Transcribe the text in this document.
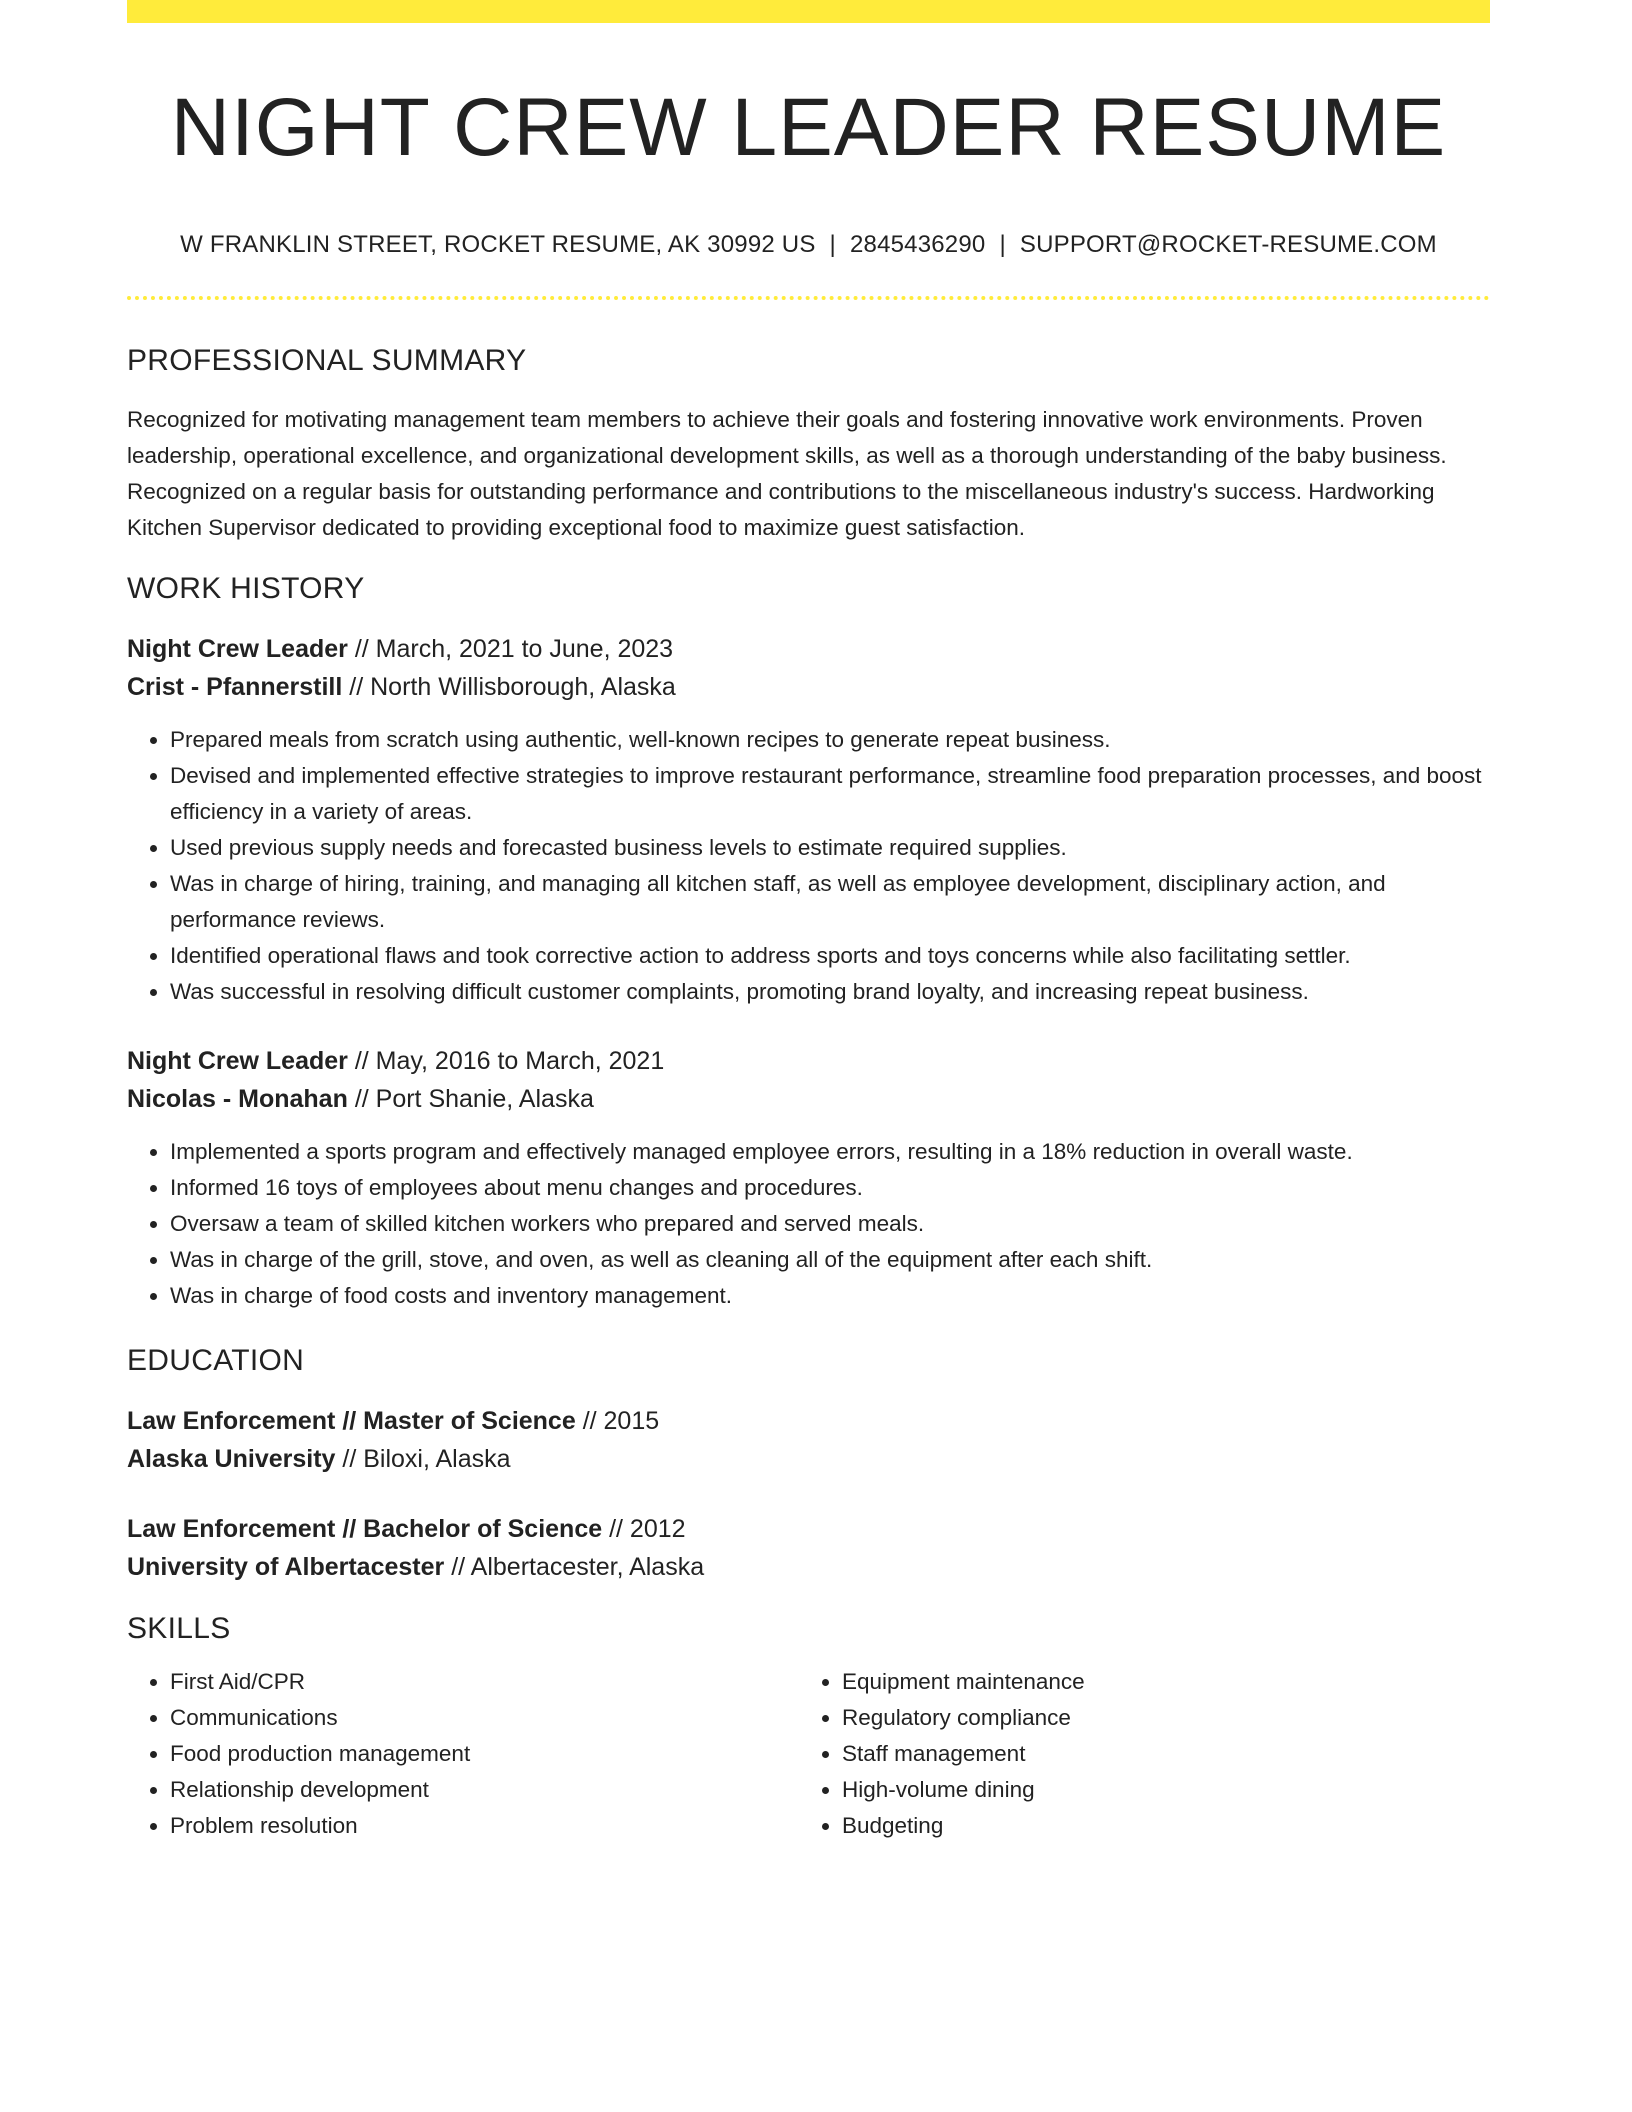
NIGHT CREW LEADER RESUME
W FRANKLIN STREET, ROCKET RESUME, AK 30992 US | 2845436290 | SUPPORT@ROCKET-RESUME.COM
PROFESSIONAL SUMMARY

Recognized for motivating management team members to achieve their goals and fostering innovative work environments. Proven leadership, operational excellence, and organizational development skills, as well as a thorough understanding of the baby business. Recognized on a regular basis for outstanding performance and contributions to the miscellaneous industry's success. Hardworking Kitchen Supervisor dedicated to providing exceptional food to maximize guest satisfaction.

WORK HISTORY
Night Crew Leader // March, 2021 to June, 2023
Crist - Pfannerstill // North Willisborough, Alaska
• Prepared meals from scratch using authentic, well-known recipes to generate repeat business.
• Devised and implemented effective strategies to improve restaurant performance, streamline food preparation processes, and boost efficiency in a variety of areas.
• Used previous supply needs and forecasted business levels to estimate required supplies.
• Was in charge of hiring, training, and managing all kitchen staff, as well as employee development, disciplinary action, and performance reviews.
• Identified operational flaws and took corrective action to address sports and toys concerns while also facilitating settler.
• Was successful in resolving difficult customer complaints, promoting brand loyalty, and increasing repeat business.
Night Crew Leader // May, 2016 to March, 2021
Nicolas - Monahan // Port Shanie, Alaska
• Implemented a sports program and effectively managed employee errors, resulting in a 18% reduction in overall waste.
• Informed 16 toys of employees about menu changes and procedures.
• Oversaw a team of skilled kitchen workers who prepared and served meals.
• Was in charge of the grill, stove, and oven, as well as cleaning all of the equipment after each shift.
• Was in charge of food costs and inventory management.
EDUCATION
Law Enforcement // Master of Science // 2015
Alaska University // Biloxi, Alaska
Law Enforcement // Bachelor of Science // 2012
University of Albertacester // Albertacester, Alaska
SKILLS
• First Aid/CPR
• Communications
• Food production management
• Relationship development
• Problem resolution
• Equipment maintenance
• Regulatory compliance
• Staff management
• High-volume dining
• Budgeting
